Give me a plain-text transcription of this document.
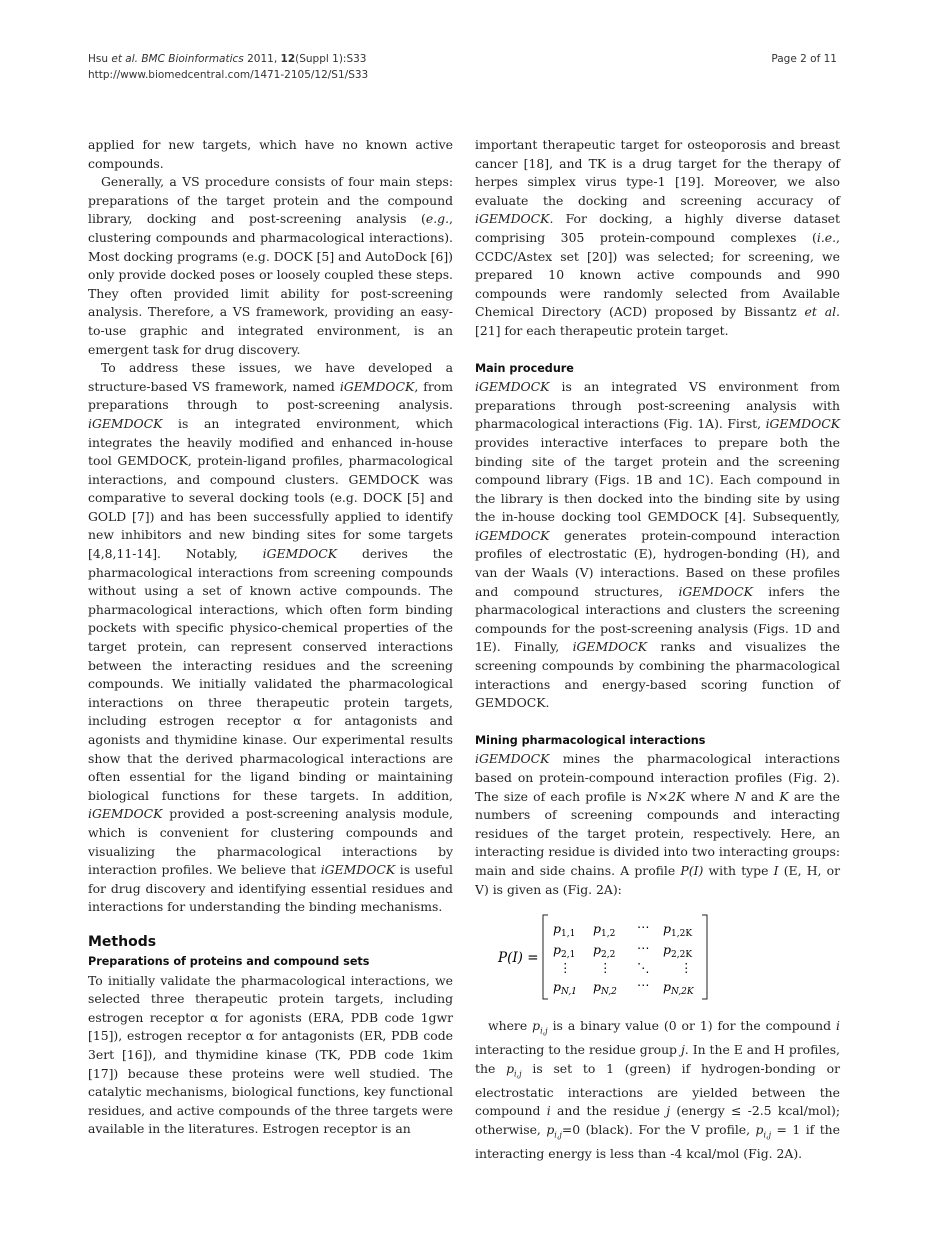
Hsu et al. BMC Bioinformatics 2011, 12(Suppl 1):S33
http://www.biomedcentral.com/1471-2105/12/S1/S33
Page 2 of 11

applied for new targets, which have no known active compounds.

Generally, a VS procedure consists of four main steps: preparations of the target protein and the compound library, docking and post-screening analysis (e.g., clustering compounds and pharmacological interactions). Most docking programs (e.g. DOCK [5] and AutoDock [6]) only provide docked poses or loosely coupled these steps. They often provided limit ability for post-screening analysis. Therefore, a VS framework, providing an easy-to-use graphic and integrated environment, is an emergent task for drug discovery.

To address these issues, we have developed a structure-based VS framework, named iGEMDOCK, from preparations through to post-screening analysis. iGEMDOCK is an integrated environment, which integrates the heavily modified and enhanced in-house tool GEMDOCK, protein-ligand profiles, pharmacological interactions, and compound clusters. GEMDOCK was comparative to several docking tools (e.g. DOCK [5] and GOLD [7]) and has been successfully applied to identify new inhibitors and new binding sites for some targets [4,8,11-14]. Notably, iGEMDOCK derives the pharmacological interactions from screening compounds without using a set of known active compounds. The pharmacological interactions, which often form binding pockets with specific physico-chemical properties of the target protein, can represent conserved interactions between the interacting residues and the screening compounds. We initially validated the pharmacological interactions on three therapeutic protein targets, including estrogen receptor α for antagonists and agonists and thymidine kinase. Our experimental results show that the derived pharmacological interactions are often essential for the ligand binding or maintaining biological functions for these targets. In addition, iGEMDOCK provided a post-screening analysis module, which is convenient for clustering compounds and visualizing the pharmacological interactions by interaction profiles. We believe that iGEMDOCK is useful for drug discovery and identifying essential residues and interactions for understanding the binding mechanisms.

Methods
Preparations of proteins and compound sets

To initially validate the pharmacological interactions, we selected three therapeutic protein targets, including estrogen receptor α for agonists (ERA, PDB code 1gwr [15]), estrogen receptor α for antagonists (ER, PDB code 3ert [16]), and thymidine kinase (TK, PDB code 1kim [17]) because these proteins were well studied. The catalytic mechanisms, biological functions, key functional residues, and active compounds of the three targets were available in the literatures. Estrogen receptor is an

important therapeutic target for osteoporosis and breast cancer [18], and TK is a drug target for the therapy of herpes simplex virus type-1 [19]. Moreover, we also evaluate the docking and screening accuracy of iGEMDOCK. For docking, a highly diverse dataset comprising 305 protein-compound complexes (i.e., CCDC/Astex set [20]) was selected; for screening, we prepared 10 known active compounds and 990 compounds were randomly selected from Available Chemical Directory (ACD) proposed by Bissantz et al. [21] for each therapeutic protein target.

Main procedure

iGEMDOCK is an integrated VS environment from preparations through post-screening analysis with pharmacological interactions (Fig. 1A). First, iGEMDOCK provides interactive interfaces to prepare both the binding site of the target protein and the screening compound library (Figs. 1B and 1C). Each compound in the library is then docked into the binding site by using the in-house docking tool GEMDOCK [4]. Subsequently, iGEMDOCK generates protein-compound interaction profiles of electrostatic (E), hydrogen-bonding (H), and van der Waals (V) interactions. Based on these profiles and compound structures, iGEMDOCK infers the pharmacological interactions and clusters the screening compounds for the post-screening analysis (Figs. 1D and 1E). Finally, iGEMDOCK ranks and visualizes the screening compounds by combining the pharmacological interactions and energy-based scoring function of GEMDOCK.

Mining pharmacological interactions

iGEMDOCK mines the pharmacological interactions based on protein-compound interaction profiles (Fig. 2). The size of each profile is N×2K where N and K are the numbers of screening compounds and interacting residues of the target protein, respectively. Here, an interacting residue is divided into two interacting groups: main and side chains. A profile P(I) with type I (E, H, or V) is given as (Fig. 2A):

P(I) =
$p_{1,1}$ $p_{1,2}$ ⋯ $p_{1,2K}$
$p_{2,1}$ $p_{2,2}$ ⋯ $p_{2,2K}$
⋮ ⋮ ⋱ ⋮
$p_{N,1}$ $p_{N,2}$ ⋯ $p_{N,2K}$

where $p_{i,j}$ is a binary value (0 or 1) for the compound i interacting to the residue group j. In the E and H profiles, the $p_{i,j}$ is set to 1 (green) if hydrogen-bonding or electrostatic interactions are yielded between the compound i and the residue j (energy ≤ -2.5 kcal/mol); otherwise, $p_{i,j}=0$ (black). For the V profile, $p_{i,j} = 1$ if the interacting energy is less than -4 kcal/mol (Fig. 2A).
